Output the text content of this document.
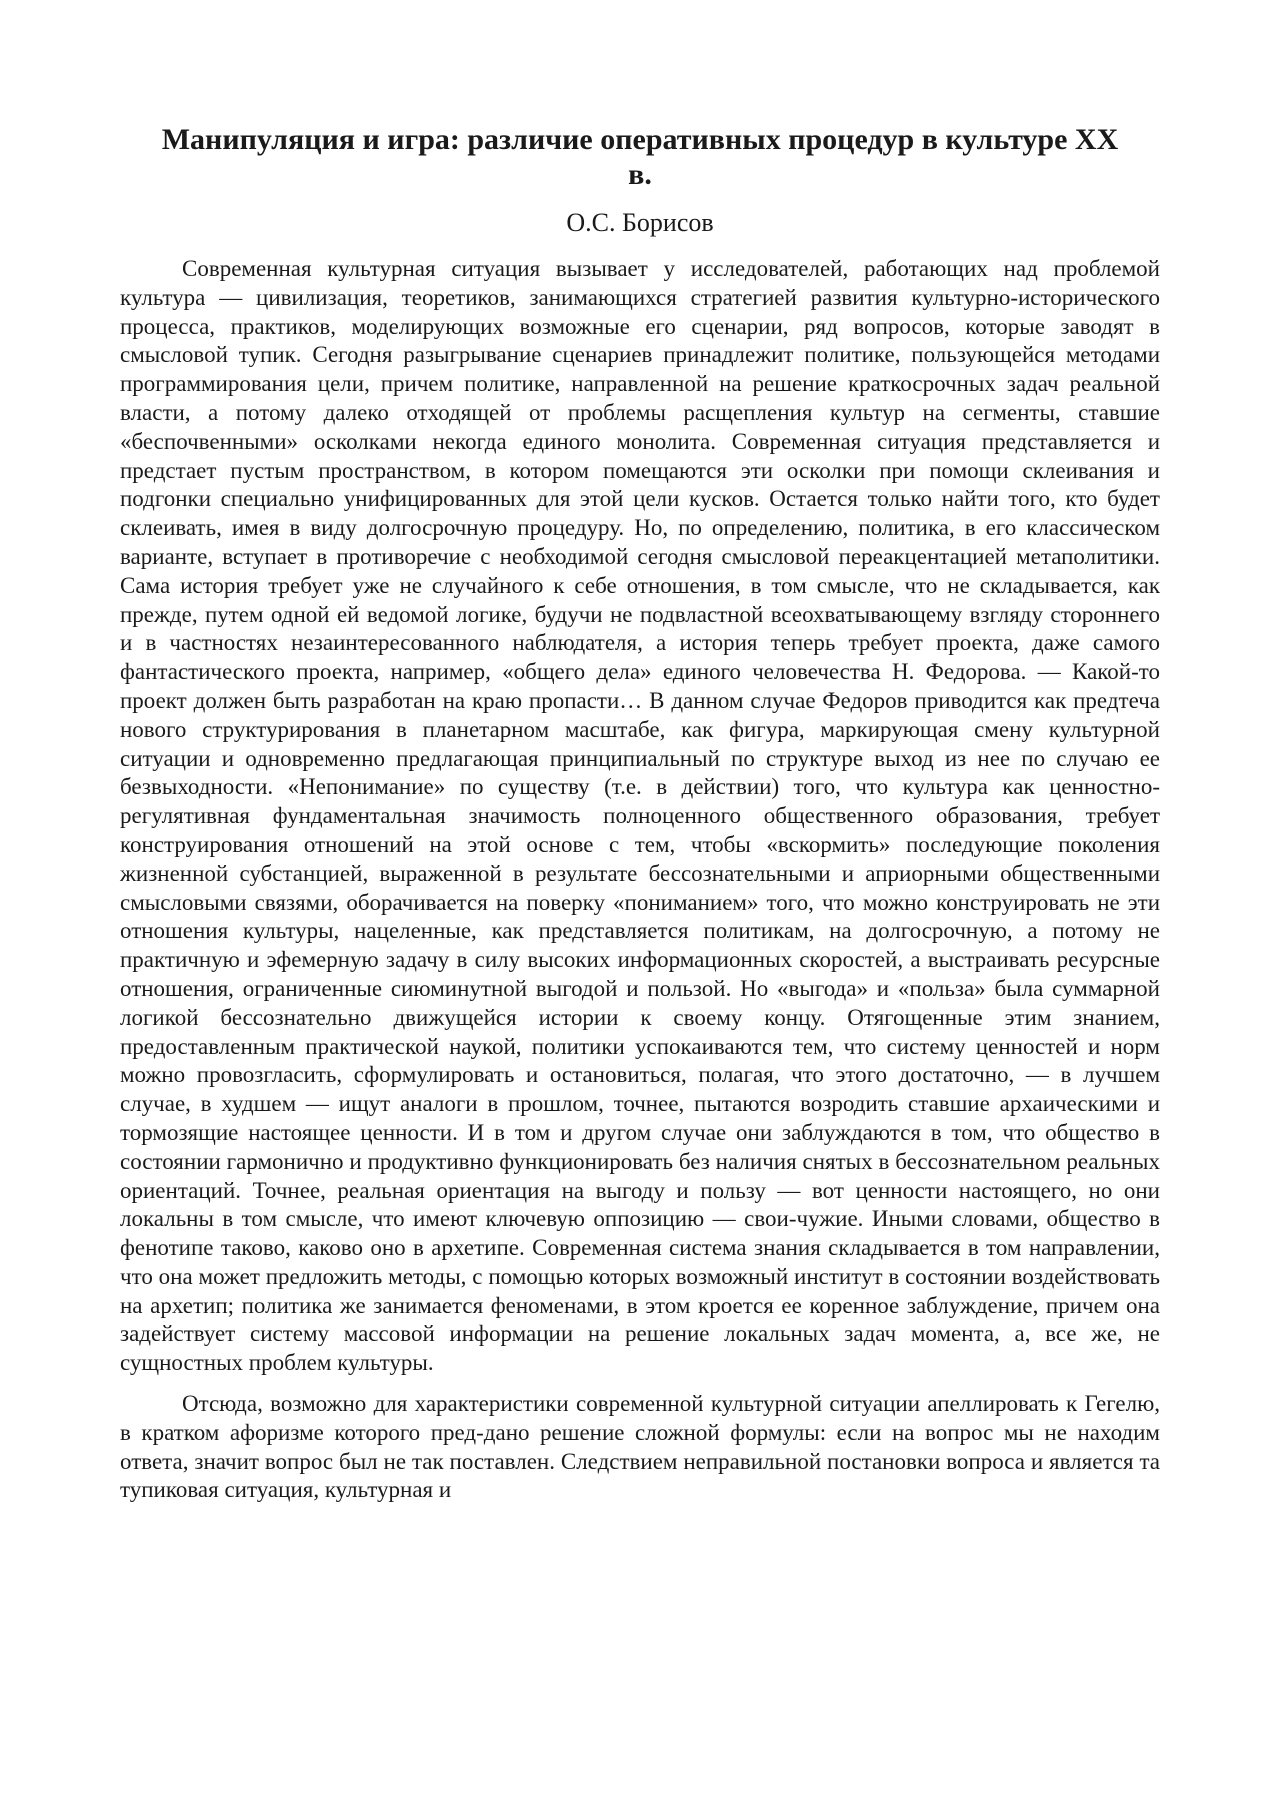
Манипуляция и игра: различие оперативных процедур в культуре XX в.

О.С. Борисов

Современная культурная ситуация вызывает у исследователей, работающих над проблемой культура — цивилизация, теоретиков, занимающихся стратегией развития культурно-исторического процесса, практиков, моделирующих возможные его сценарии, ряд вопросов, которые заводят в смысловой тупик. Сегодня разыгрывание сценариев принадлежит политике, пользующейся методами программирования цели, причем политике, направленной на решение краткосрочных задач реальной власти, а потому далеко отходящей от проблемы расщепления культур на сегменты, ставшие «беспочвенными» осколками некогда единого монолита. Современная ситуация представляется и предстает пустым пространством, в котором помещаются эти осколки при помощи склеивания и подгонки специально унифицированных для этой цели кусков. Остается только найти того, кто будет склеивать, имея в виду долгосрочную процедуру. Но, по определению, политика, в его классическом варианте, вступает в противоречие с необходимой сегодня смысловой переакцентацией метаполитики. Сама история требует уже не случайного к себе отношения, в том смысле, что не складывается, как прежде, путем одной ей ведомой логике, будучи не подвластной всеохватывающему взгляду стороннего и в частностях незаинтересованного наблюдателя, а история теперь требует проекта, даже самого фантастического проекта, например, «общего дела» единого человечества Н. Федорова. — Какой-то проект должен быть разработан на краю пропасти… В данном случае Федоров приводится как предтеча нового структурирования в планетарном масштабе, как фигура, маркирующая смену культурной ситуации и одновременно предлагающая принципиальный по структуре выход из нее по случаю ее безвыходности. «Непонимание» по существу (т.е. в действии) того, что культура как ценностно-регулятивная фундаментальная значимость полноценного общественного образования, требует конструирования отношений на этой основе с тем, чтобы «вскормить» последующие поколения жизненной субстанцией, выраженной в результате бессознательными и априорными общественными смысловыми связями, оборачивается на поверку «пониманием» того, что можно конструировать не эти отношения культуры, нацеленные, как представляется политикам, на долгосрочную, а потому не практичную и эфемерную задачу в силу высоких информационных скоростей, а выстраивать ресурсные отношения, ограниченные сиюминутной выгодой и пользой. Но «выгода» и «польза» была суммарной логикой бессознательно движущейся истории к своему концу. Отягощенные этим знанием, предоставленным практической наукой, политики успокаиваются тем, что систему ценностей и норм можно провозгласить, сформулировать и остановиться, полагая, что этого достаточно, — в лучшем случае, в худшем — ищут аналоги в прошлом, точнее, пытаются возродить ставшие архаическими и тормозящие настоящее ценности. И в том и другом случае они заблуждаются в том, что общество в состоянии гармонично и продуктивно функционировать без наличия снятых в бессознательном реальных ориентаций. Точнее, реальная ориентация на выгоду и пользу — вот ценности настоящего, но они локальны в том смысле, что имеют ключевую оппозицию — свои-чужие. Иными словами, общество в фенотипе таково, каково оно в архетипе. Современная система знания складывается в том направлении, что она может предложить методы, с помощью которых возможный институт в состоянии воздействовать на архетип; политика же занимается феноменами, в этом кроется ее коренное заблуждение, причем она задействует систему массовой информации на решение локальных задач момента, а, все же, не сущностных проблем культуры.

Отсюда, возможно для характеристики современной культурной ситуации апеллировать к Гегелю, в кратком афоризме которого пред-дано решение сложной формулы: если на вопрос мы не находим ответа, значит вопрос был не так поставлен. Следствием неправильной постановки вопроса и является та тупиковая ситуация, культурная и
